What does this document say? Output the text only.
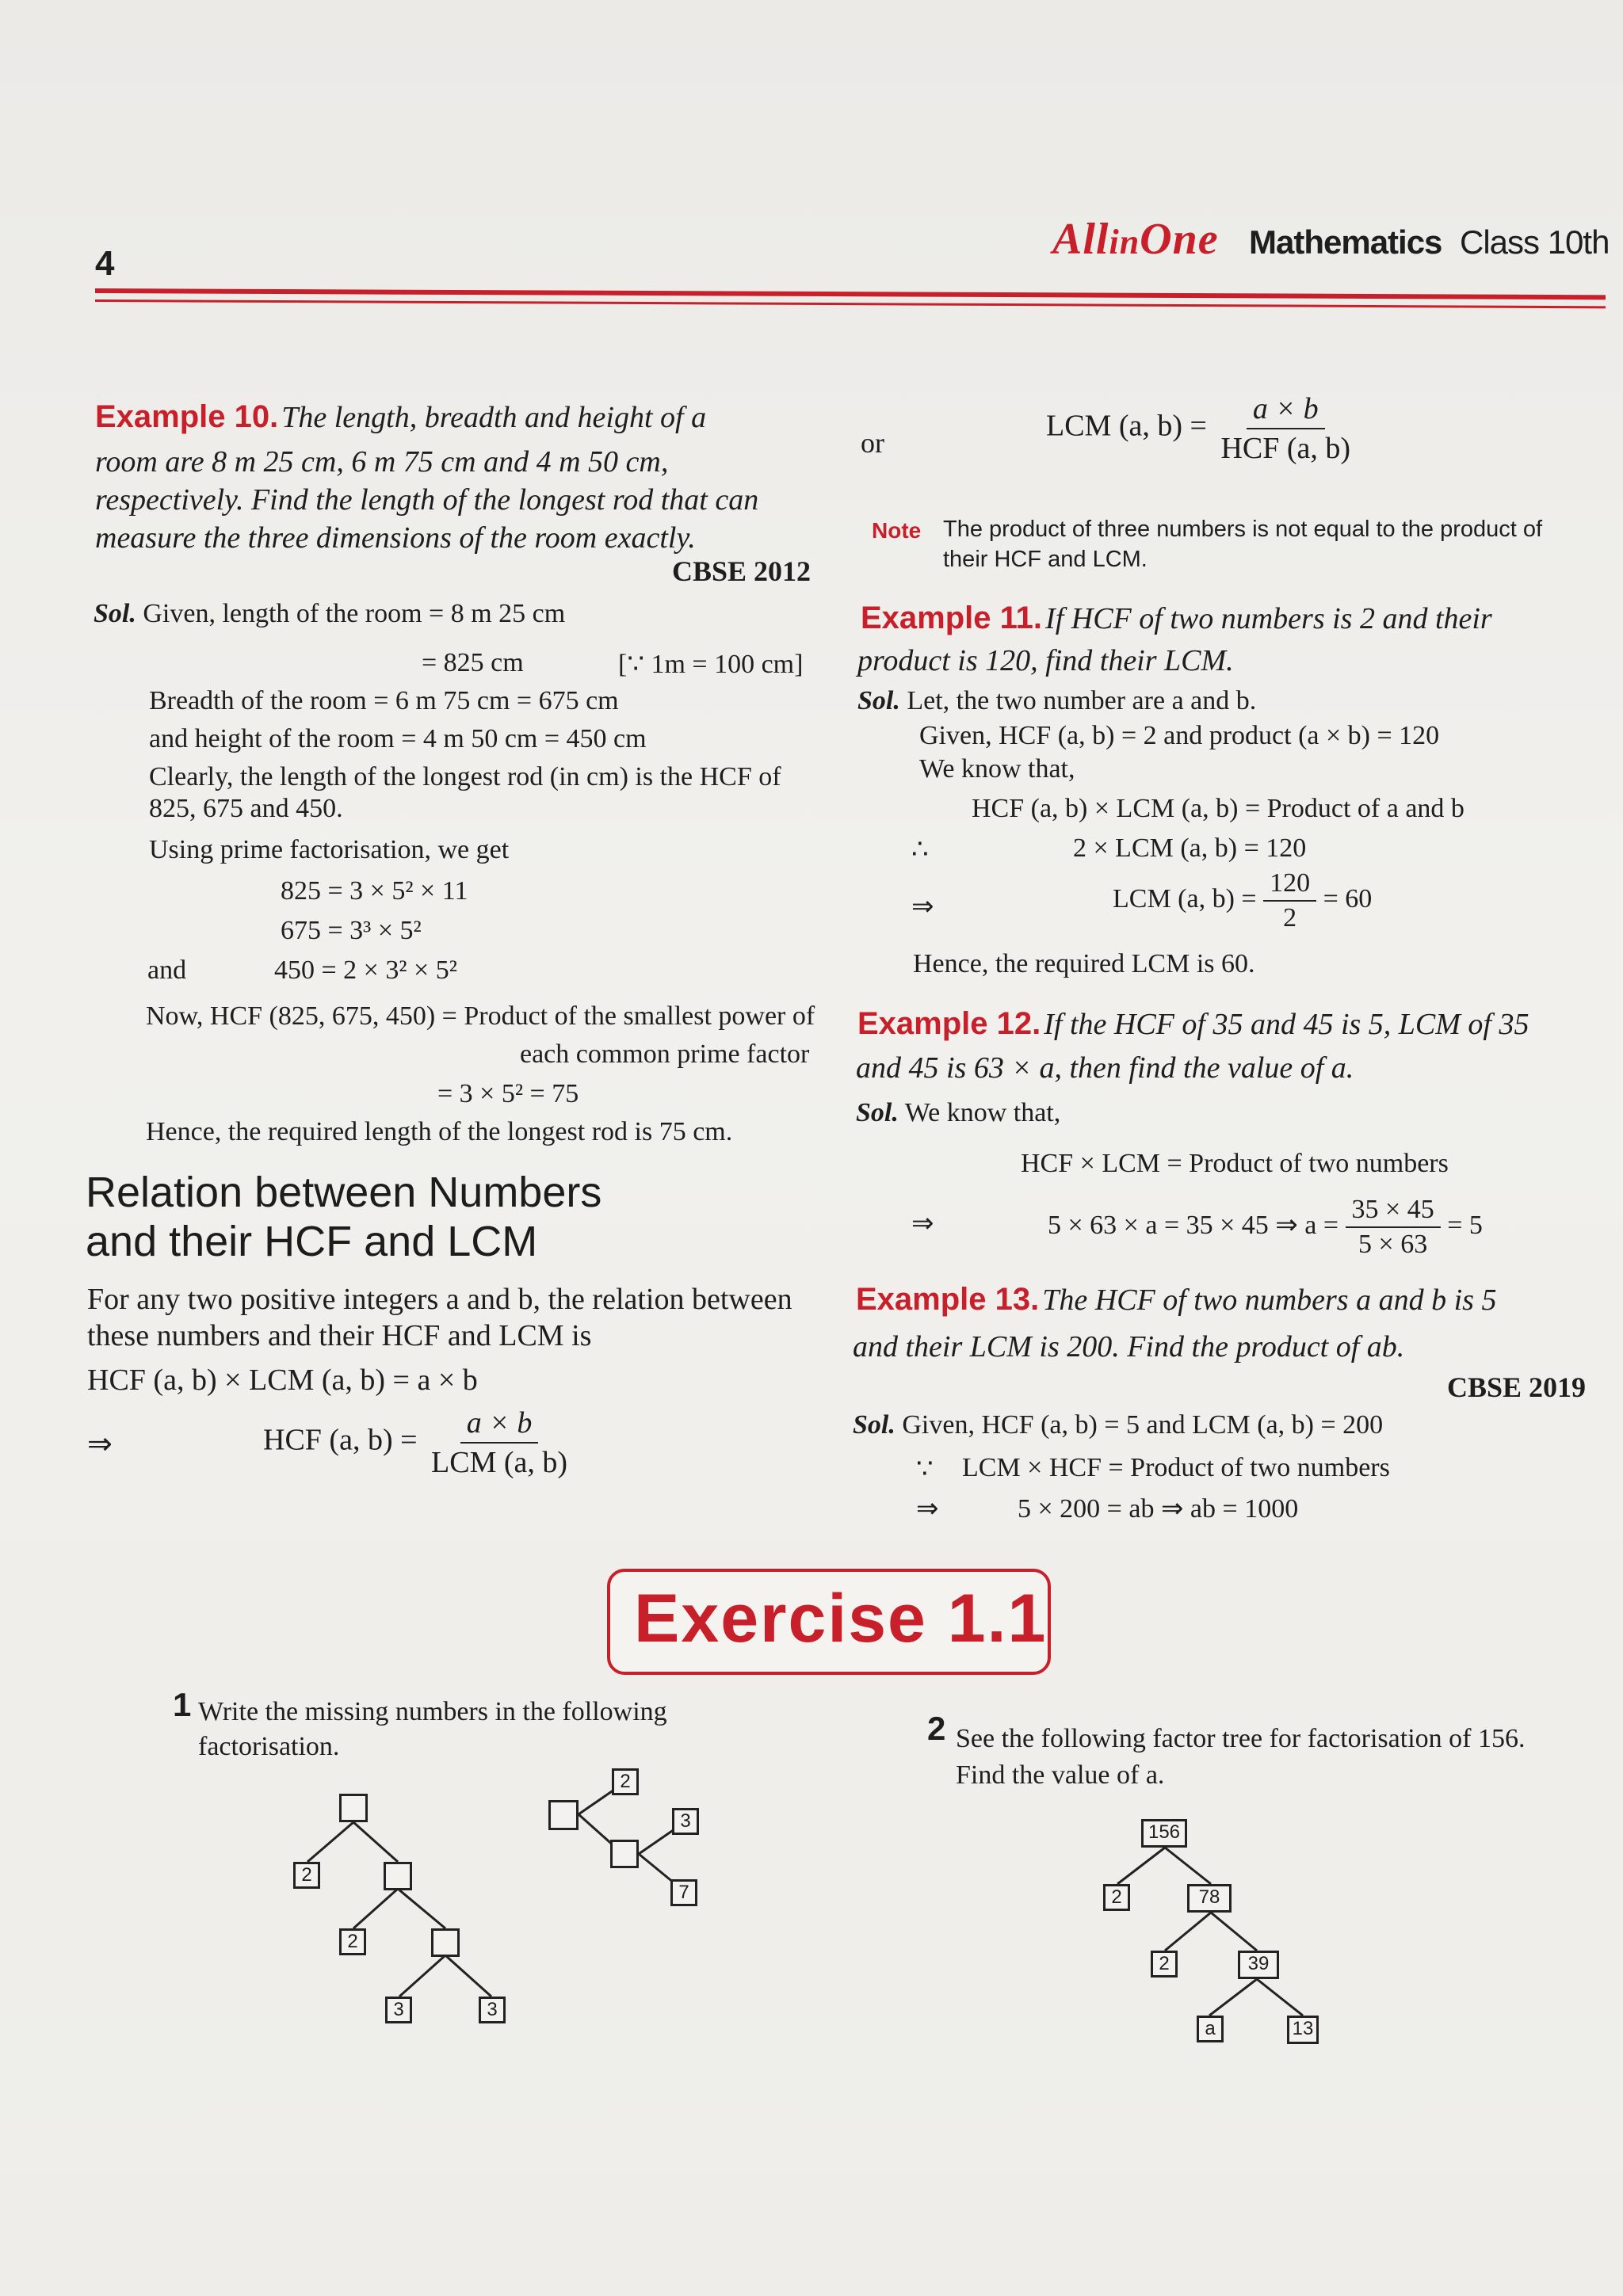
4	AllinOne Mathematics Class 10th
Example 10. The length, breadth and height of a
room are 8 m 25 cm, 6 m 75 cm and 4 m 50 cm,
respectively. Find the length of the longest rod that can
measure the three dimensions of the room exactly.
CBSE 2012
Sol. Given, length of the room = 8 m 25 cm
= 825 cm	[∵ 1m = 100 cm]
Breadth of the room = 6 m 75 cm = 675 cm
and height of the room = 4 m 50 cm = 450 cm
Clearly, the length of the longest rod (in cm) is the HCF of
825, 675 and 450.
Using prime factorisation, we get
825 = 3 × 5² × 11
675 = 3³ × 5²
and	450 = 2 × 3² × 5²
Now, HCF (825, 675, 450) = Product of the smallest power of
each common prime factor
= 3 × 5² = 75
Hence, the required length of the longest rod is 75 cm.
Relation between Numbers
and their HCF and LCM
For any two positive integers a and b, the relation between
these numbers and their HCF and LCM is
HCF (a, b) × LCM (a, b) = a × b
⇒	HCF (a, $b) = \frac{a \times b}{\text{LCM (a, b)}}$
or
LCM (a, $b) = \frac{a \times b}{\text{HCF (a, b)}}$
Note The product of three numbers is not equal to the product of
their HCF and LCM.
Example 11. If HCF of two numbers is 2 and their
product is 120, find their LCM.
Sol. Let, the two number are a and b.
Given, HCF (a, b) = 2 and product (a × b) = 120
We know that,
HCF (a, b) × LCM (a, b) = Product of a and b
∴	2 × LCM (a, b) = 120
⇒	LCM (a, $b) = \frac{120}{2} = 60$
Hence, the required LCM is 60.
Example 12. If the HCF of 35 and 45 is 5, LCM of 35
and 45 is 63 × a, then find the value of a.
Sol. We know that,
HCF × LCM = Product of two numbers
⇒	5 × 63 × a = 35 × 45 ⇒ $a = \frac{35 \times 45}{5 \times 63} = 5$
Example 13. The HCF of two numbers a and b is 5
and their LCM is 200. Find the product of ab.
CBSE 2019
Sol. Given, HCF (a, b) = 5 and LCM (a, b) = 200
∵ LCM × HCF = Product of two numbers
⇒	5 × 200 = ab ⇒ ab = 1000
Exercise 1.1
1 Write the missing numbers in the following
factorisation.	2 See the following factor tree for factorisation of 156.
Find the value of a.
2
2
3	3
2
3
7
156
2	78
2	39
a	13
